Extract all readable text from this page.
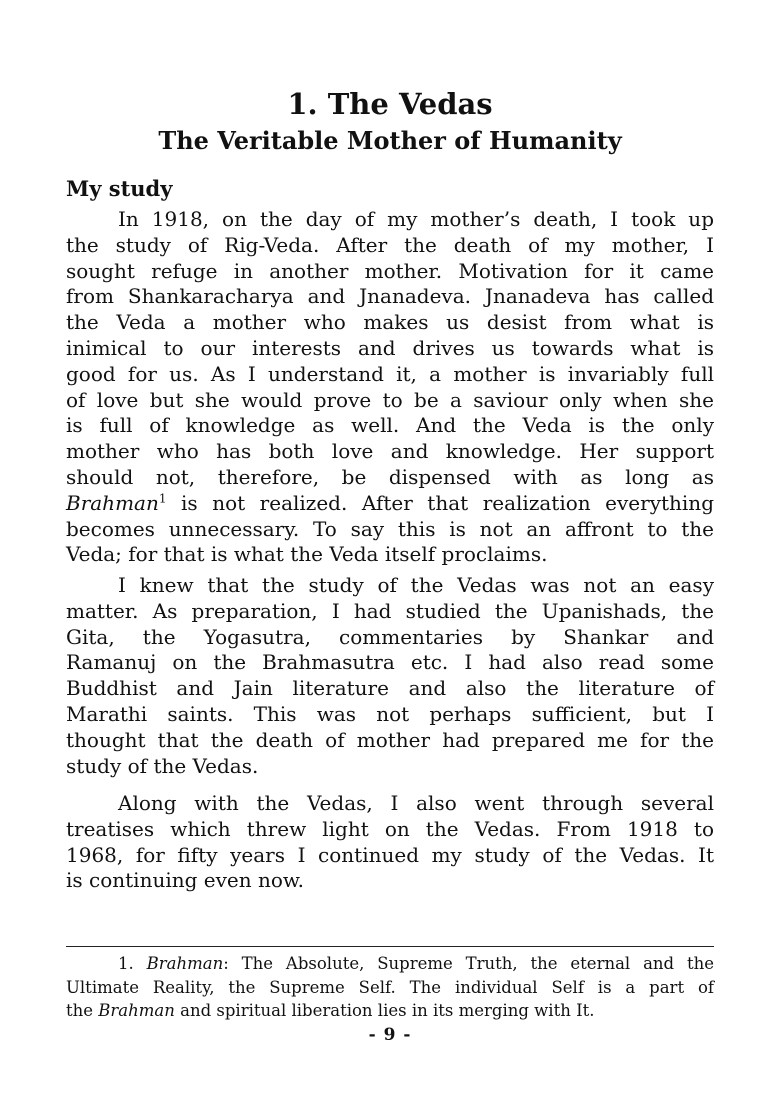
1. The Vedas
The Veritable Mother of Humanity
My study
In 1918, on the day of my mother’s death, I took up
the study of Rig-Veda. After the death of my mother, I
sought refuge in another mother. Motivation for it came
from Shankaracharya and Jnanadeva. Jnanadeva has called
the Veda a mother who makes us desist from what is
inimical to our interests and drives us towards what is
good for us. As I understand it, a mother is invariably full
of love but she would prove to be a saviour only when she
is full of knowledge as well. And the Veda is the only
mother who has both love and knowledge. Her support
should not, therefore, be dispensed with as long as
Brahman$^1$ is not realized. After that realization everything
becomes unnecessary. To say this is not an affront to the
Veda; for that is what the Veda itself proclaims.
I knew that the study of the Vedas was not an easy
matter. As preparation, I had studied the Upanishads, the
Gita, the Yogasutra, commentaries by Shankar and
Ramanuj on the Brahmasutra etc. I had also read some
Buddhist and Jain literature and also the literature of
Marathi saints. This was not perhaps sufficient, but I
thought that the death of mother had prepared me for the
study of the Vedas.
Along with the Vedas, I also went through several
treatises which threw light on the Vedas. From 1918 to
1968, for fifty years I continued my study of the Vedas. It
is continuing even now.
1. Brahman: The Absolute, Supreme Truth, the eternal and the
Ultimate Reality, the Supreme Self. The individual Self is a part of
the Brahman and spiritual liberation lies in its merging with It.
- 9 -
